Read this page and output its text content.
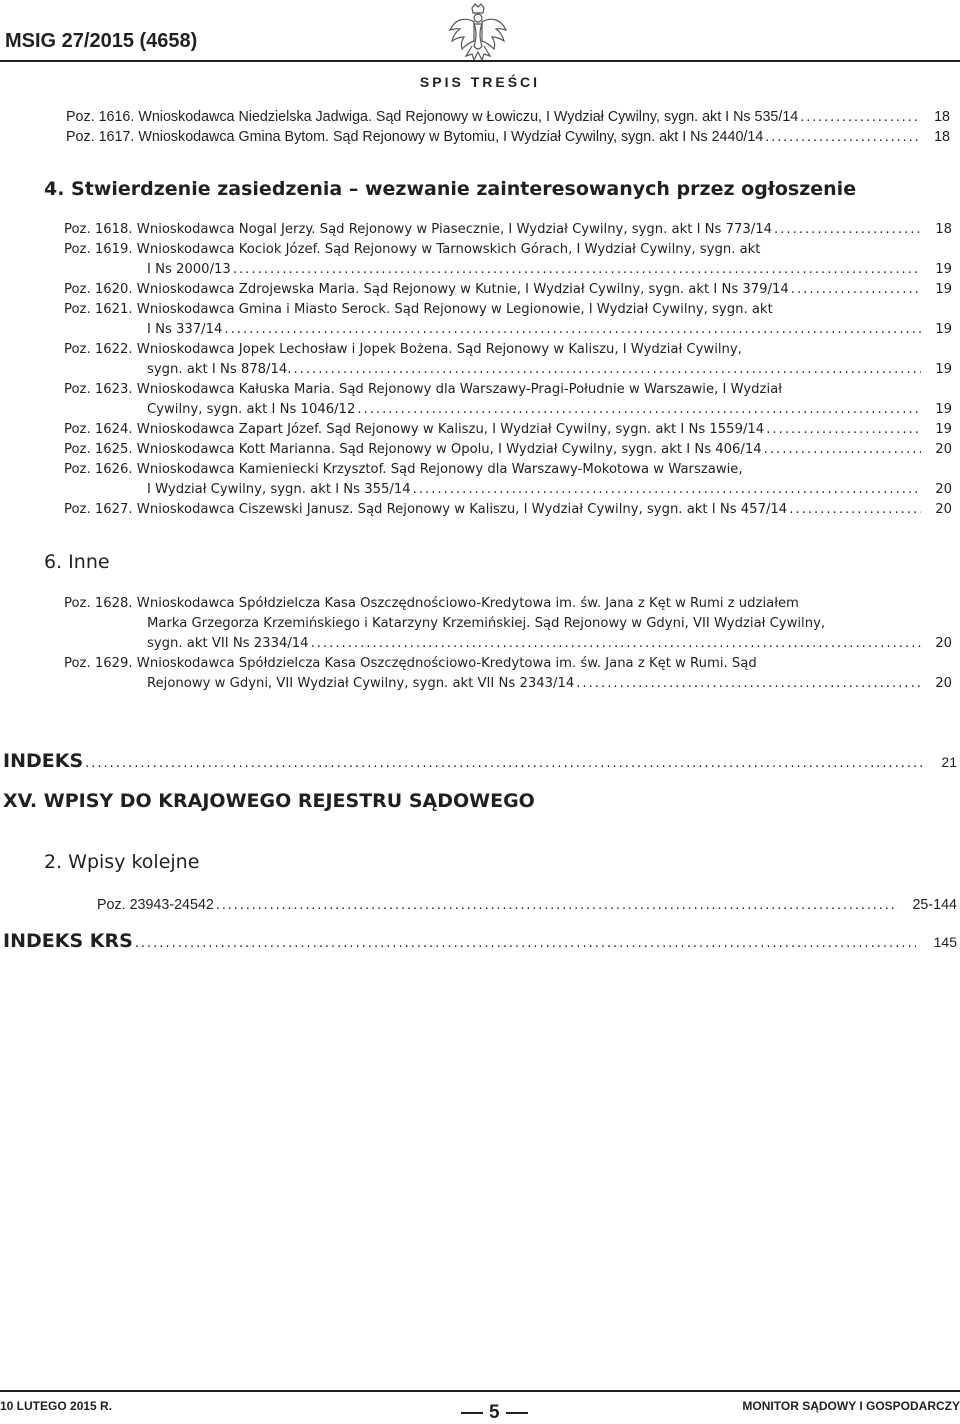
MSIG 27/2015 (4658)
SPIS TREŚCI
Poz. 1616. Wnioskodawca Niedzielska Jadwiga. Sąd Rejonowy w Łowiczu, I Wydział Cywilny, sygn. akt I Ns 535/14 .....	18
Poz. 1617. Wnioskodawca Gmina Bytom. Sąd Rejonowy w Bytomiu, I Wydział Cywilny, sygn. akt I Ns 2440/14 .....	18
4. Stwierdzenie zasiedzenia – wezwanie zainteresowanych przez ogłoszenie
Poz. 1618. Wnioskodawca Nogal Jerzy. Sąd Rejonowy w Piasecznie, I Wydział Cywilny, sygn. akt I Ns 773/14 .....	18
Poz. 1619. Wnioskodawca Kociok Józef. Sąd Rejonowy w Tarnowskich Górach, I Wydział Cywilny, sygn. akt
I Ns 2000/13 .....	19
Poz. 1620. Wnioskodawca Zdrojewska Maria. Sąd Rejonowy w Kutnie, I Wydział Cywilny, sygn. akt I Ns 379/14 .....	19
Poz. 1621. Wnioskodawca Gmina i Miasto Serock. Sąd Rejonowy w Legionowie, I Wydział Cywilny, sygn. akt
I Ns 337/14 .....	19
Poz. 1622. Wnioskodawca Jopek Lechosław i Jopek Bożena. Sąd Rejonowy w Kaliszu, I Wydział Cywilny,
sygn. akt I Ns 878/14. .....	19
Poz. 1623. Wnioskodawca Kałuska Maria. Sąd Rejonowy dla Warszawy-Pragi-Południe w Warszawie, I Wydział
Cywilny, sygn. akt I Ns 1046/12 .....	19
Poz. 1624. Wnioskodawca Zapart Józef. Sąd Rejonowy w Kaliszu, I Wydział Cywilny, sygn. akt I Ns 1559/14 .....	19
Poz. 1625. Wnioskodawca Kott Marianna. Sąd Rejonowy w Opolu, I Wydział Cywilny, sygn. akt I Ns 406/14 .....	20
Poz. 1626. Wnioskodawca Kamieniecki Krzysztof. Sąd Rejonowy dla Warszawy-Mokotowa w Warszawie,
I Wydział Cywilny, sygn. akt I Ns 355/14 .....	20
Poz. 1627. Wnioskodawca Ciszewski Janusz. Sąd Rejonowy w Kaliszu, I Wydział Cywilny, sygn. akt I Ns 457/14 .....	20
6. Inne
Poz. 1628. Wnioskodawca Spółdzielcza Kasa Oszczędnościowo-Kredytowa im. św. Jana z Kęt w Rumi z udziałem
Marka Grzegorza Krzemińskiego i Katarzyny Krzemińskiej. Sąd Rejonowy w Gdyni, VII Wydział Cywilny,
sygn. akt VII Ns 2334/14 .....	20
Poz. 1629. Wnioskodawca Spółdzielcza Kasa Oszczędnościowo-Kredytowa im. św. Jana z Kęt w Rumi. Sąd
Rejonowy w Gdyni, VII Wydział Cywilny, sygn. akt VII Ns 2343/14 .....	20
INDEKS .....	21
XV. WPISY DO KRAJOWEGO REJESTRU SĄDOWEGO
2. Wpisy kolejne
Poz. 23943-24542 .....	25-144
INDEKS KRS .....	145
10 LUTEGO 2015 R.	5	MONITOR SĄDOWY I GOSPODARCZY
